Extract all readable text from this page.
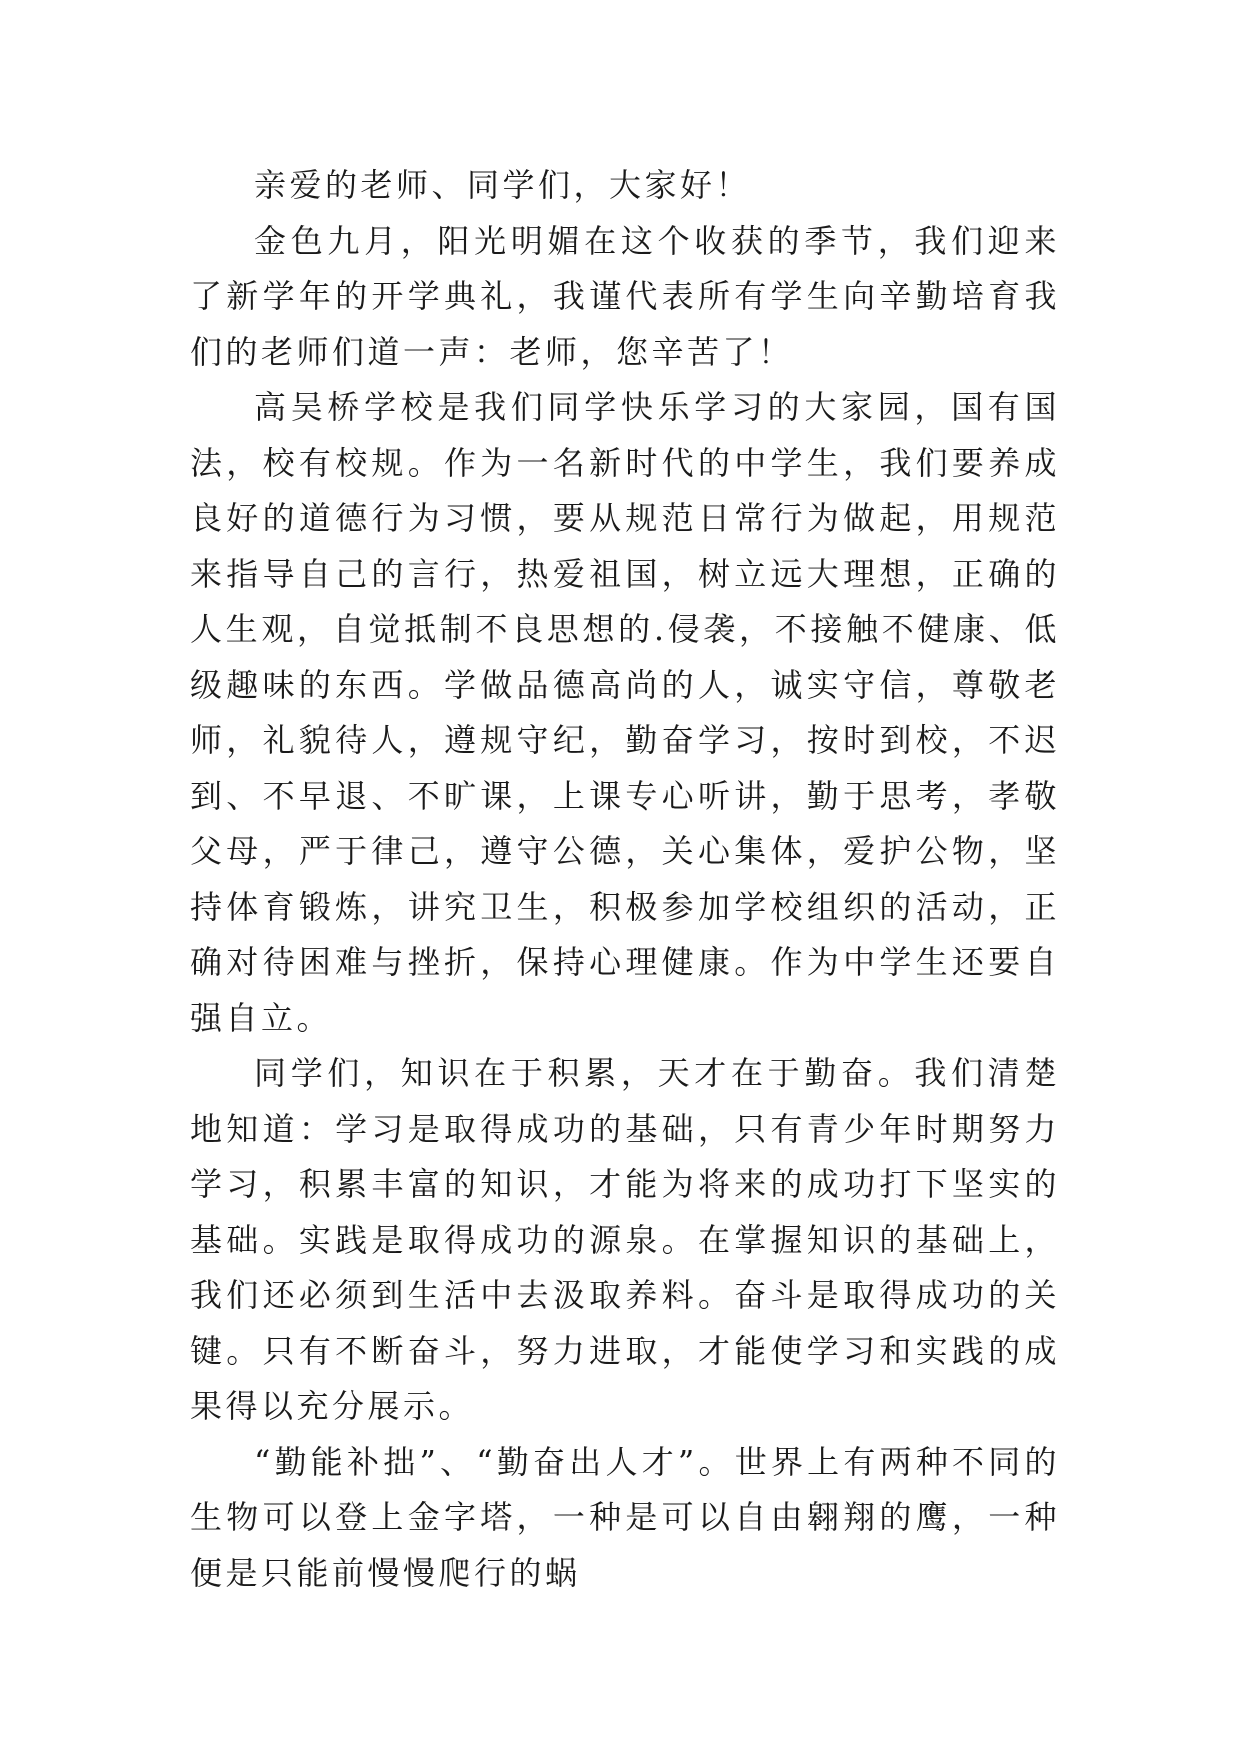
亲爱的老师、同学们，大家好！

金色九月，阳光明媚在这个收获的季节，我们迎来了新学年的开学典礼，我谨代表所有学生向辛勤培育我们的老师们道一声：老师，您辛苦了！

高吴桥学校是我们同学快乐学习的大家园，国有国法，校有校规。作为一名新时代的中学生，我们要养成良好的道德行为习惯，要从规范日常行为做起，用规范来指导自己的言行，热爱祖国，树立远大理想，正确的人生观，自觉抵制不良思想的.侵袭，不接触不健康、低级趣味的东西。学做品德高尚的人，诚实守信，尊敬老师，礼貌待人，遵规守纪，勤奋学习，按时到校，不迟到、不早退、不旷课，上课专心听讲，勤于思考，孝敬父母，严于律己，遵守公德，关心集体，爱护公物，坚持体育锻炼，讲究卫生，积极参加学校组织的活动，正确对待困难与挫折，保持心理健康。作为中学生还要自强自立。

同学们，知识在于积累，天才在于勤奋。我们清楚地知道：学习是取得成功的基础，只有青少年时期努力学习，积累丰富的知识，才能为将来的成功打下坚实的基础。实践是取得成功的源泉。在掌握知识的基础上，我们还必须到生活中去汲取养料。奋斗是取得成功的关键。只有不断奋斗，努力进取，才能使学习和实践的成果得以充分展示。

“勤能补拙”、“勤奋出人才”。世界上有两种不同的生物可以登上金字塔，一种是可以自由翱翔的鹰，一种便是只能前慢慢爬行的蜗
